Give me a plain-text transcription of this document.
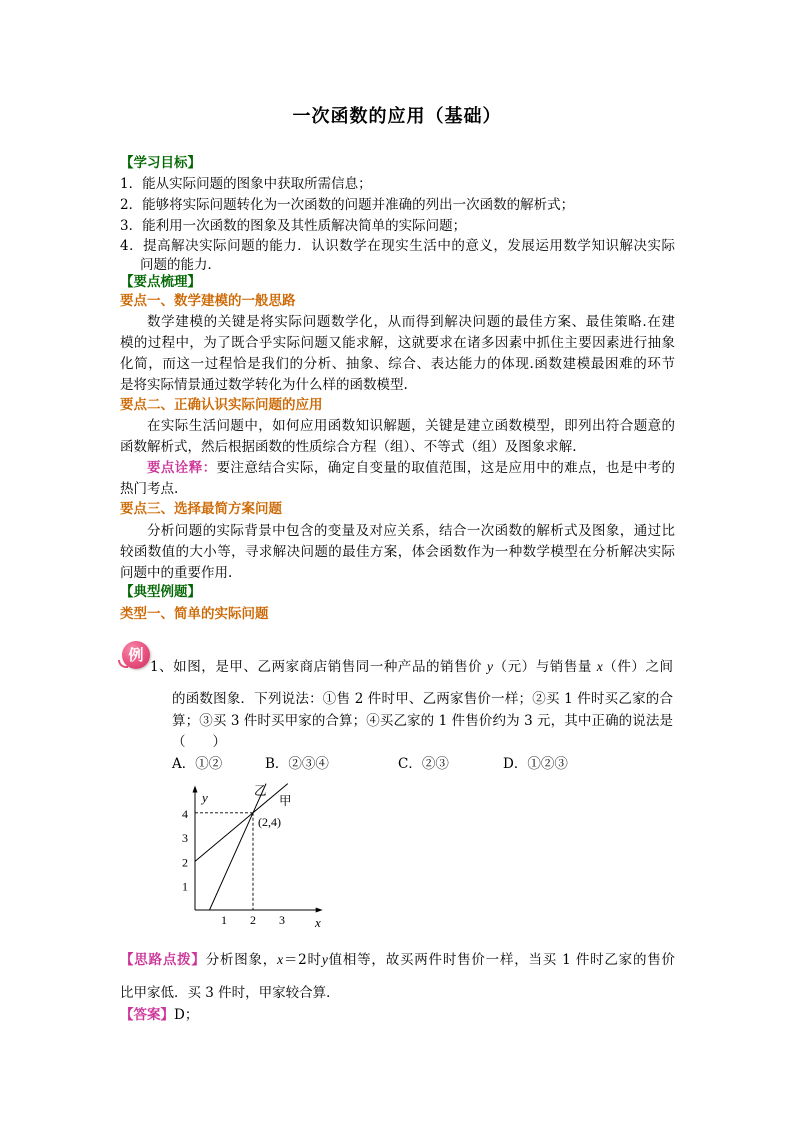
一次函数的应用（基础）
【学习目标】
1．能从实际问题的图象中获取所需信息；
2．能够将实际问题转化为一次函数的问题并准确的列出一次函数的解析式；
3．能利用一次函数的图象及其性质解决简单的实际问题；
4．提高解决实际问题的能力．认识数学在现实生活中的意义，发展运用数学知识解决实际
问题的能力．
【要点梳理】
要点一、数学建模的一般思路
数学建模的关键是将实际问题数学化，从而得到解决问题的最佳方案、最佳策略.在建
模的过程中，为了既合乎实际问题又能求解，这就要求在诸多因素中抓住主要因素进行抽象
化简，而这一过程恰是我们的分析、抽象、综合、表达能力的体现.函数建模最困难的环节
是将实际情景通过数学转化为什么样的函数模型.
要点二、正确认识实际问题的应用
在实际生活问题中，如何应用函数知识解题，关键是建立函数模型，即列出符合题意的
函数解析式，然后根据函数的性质综合方程（组）、不等式（组）及图象求解.
要点诠释：要注意结合实际，确定自变量的取值范围，这是应用中的难点，也是中考的
热门考点.
要点三、选择最简方案问题
分析问题的实际背景中包含的变量及对应关系，结合一次函数的解析式及图象，通过比
较函数值的大小等，寻求解决问题的最佳方案，体会函数作为一种数学模型在分析解决实际
问题中的重要作用.
【典型例题】
类型一、简单的实际问题
例
1、如图，是甲、乙两家商店销售同一种产品的销售价 y（元）与销售量 x（件）之间
的函数图象．下列说法：①售 2 件时甲、乙两家售价一样；②买 1 件时买乙家的合
算；③买 3 件时买甲家的合算；④买乙家的 1 件售价约为 3 元，其中正确的说法是
（　　）
A．①②	B．②③④	C．②③	D．①②③
1
2
3
4
1 2 3
y
x
甲
乙
(2,4)
【思路点拨】分析图象，x＝2时y值相等，故买两件时售价一样，当买 1 件时乙家的售价
比甲家低．买 3 件时，甲家较合算．
【答案】D；
